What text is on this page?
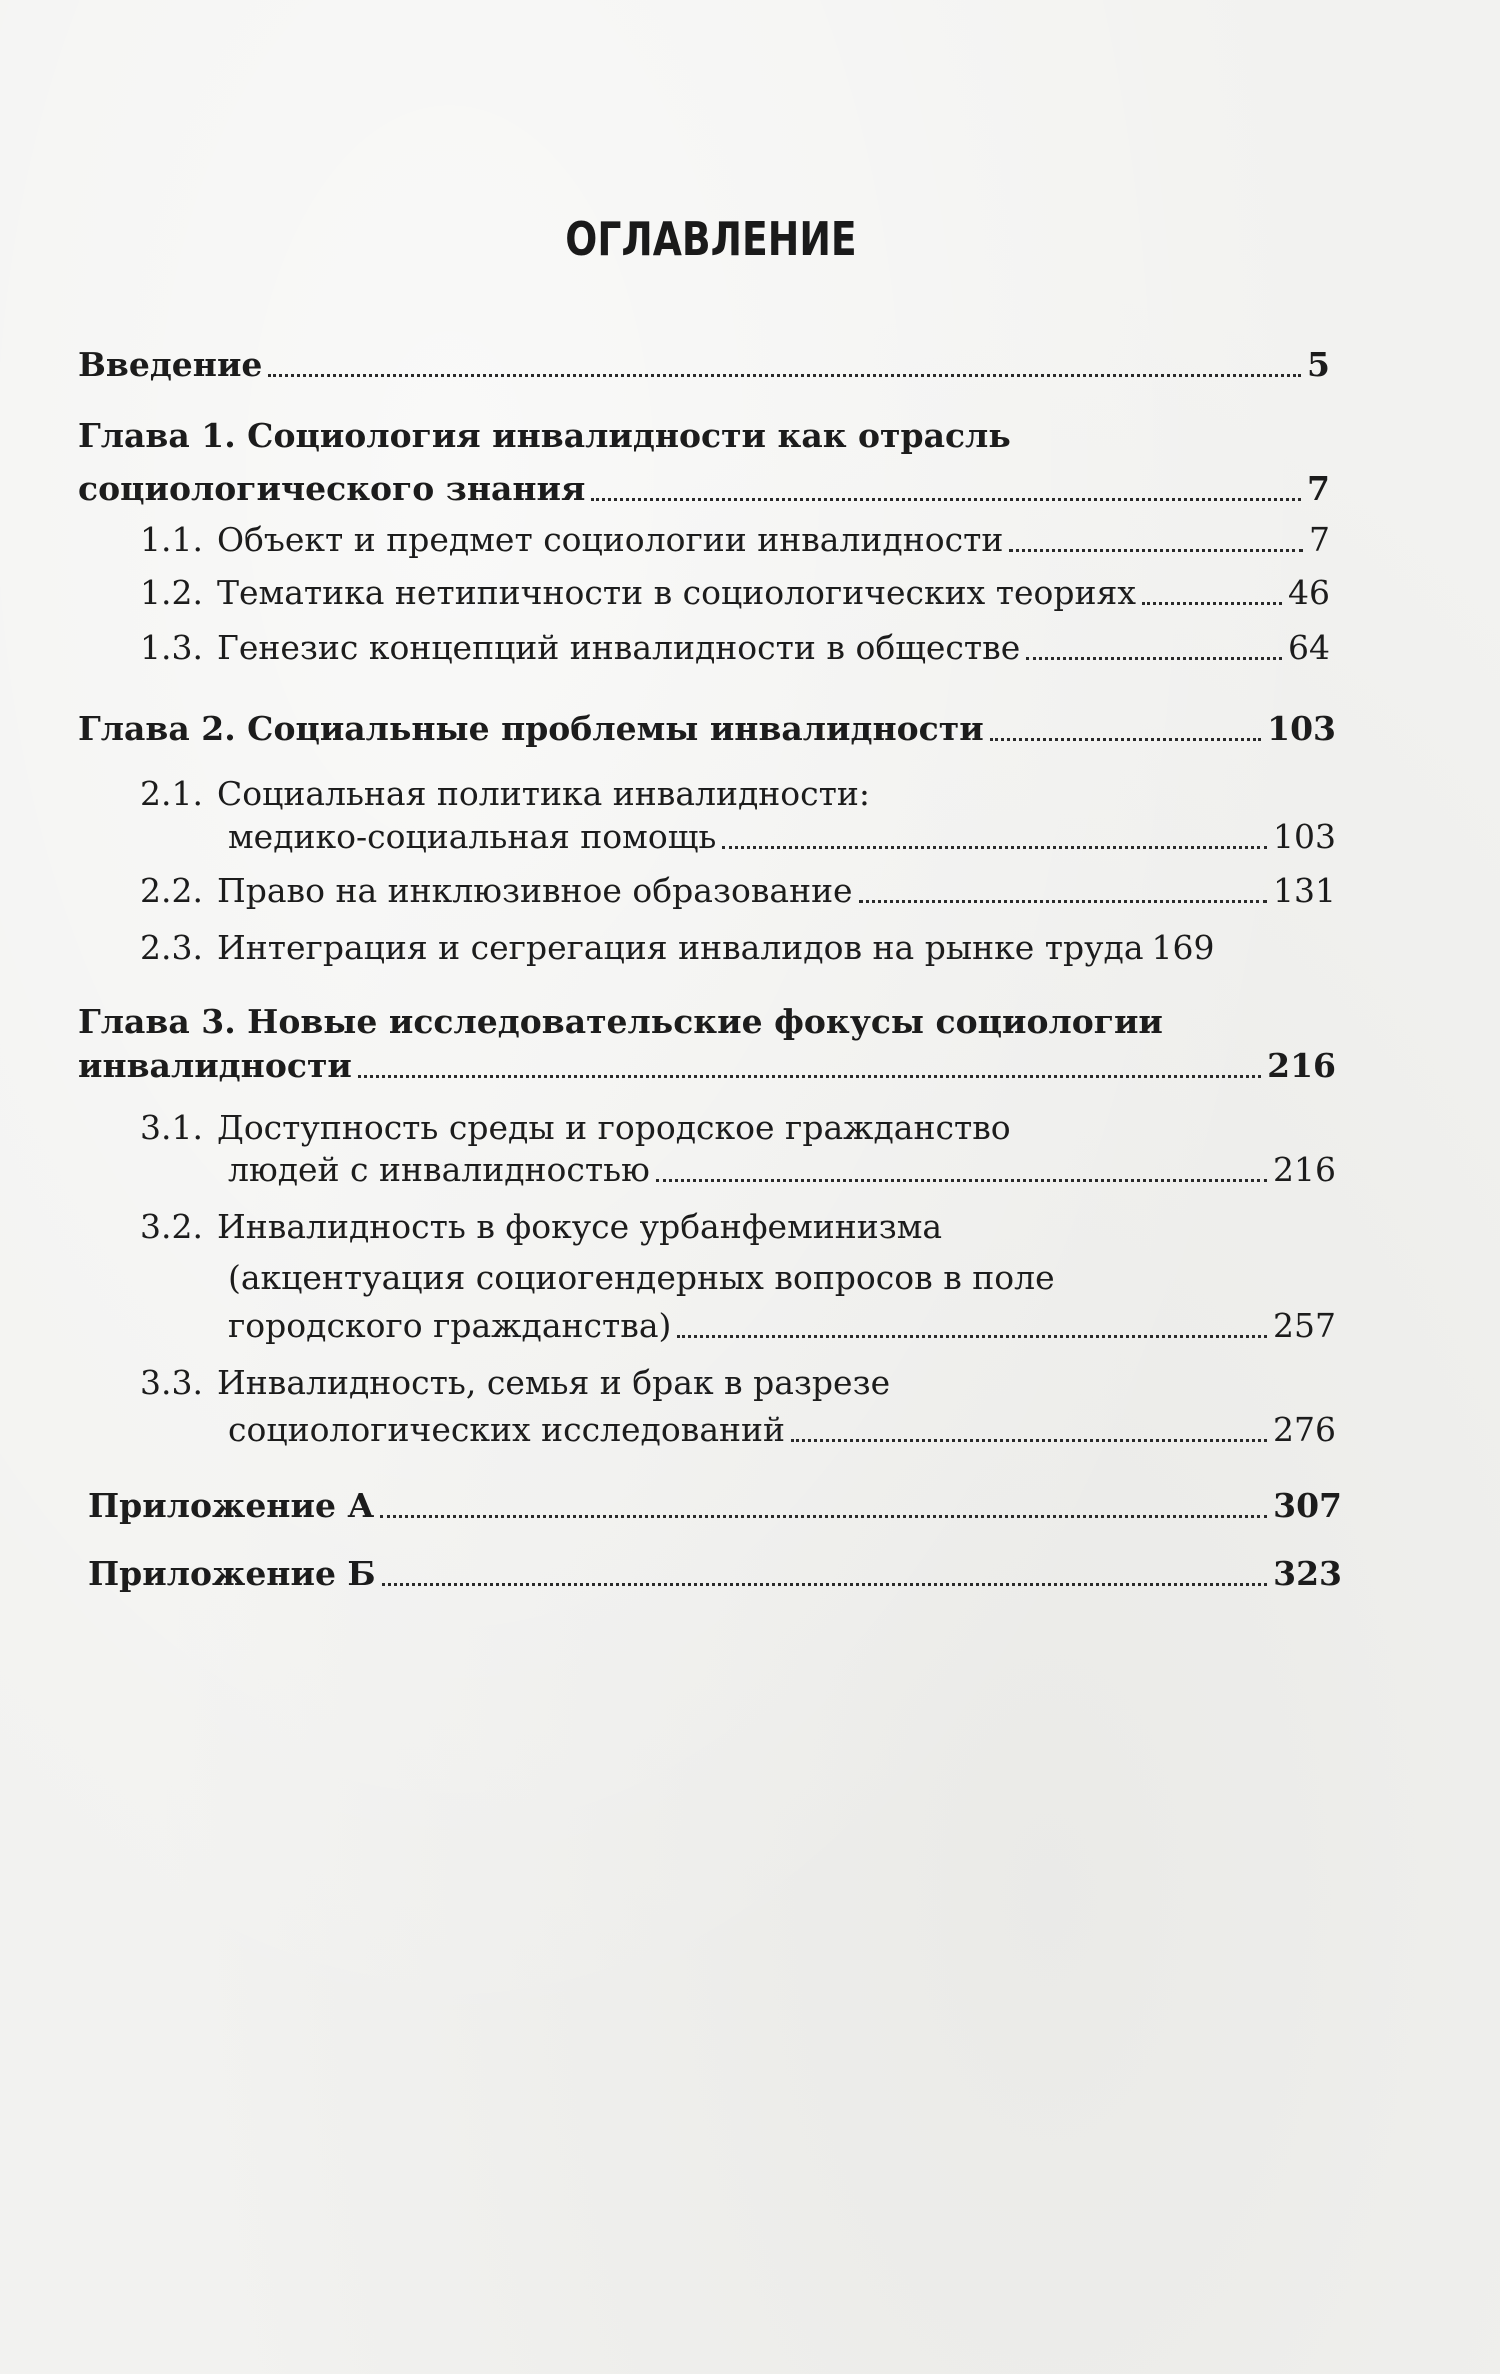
ОГЛАВЛЕНИЕ
Введение	5
Глава 1. Социология инвалидности как отрасль
социологического знания	7
1.1. Объект и предмет социологии инвалидности	7
1.2. Тематика нетипичности в социологических теориях	46
1.3. Генезис концепций инвалидности в обществе	64
Глава 2. Социальные проблемы инвалидности	103
2.1. Социальная политика инвалидности:
медико-социальная помощь	103
2.2. Право на инклюзивное образование	131
2.3. Интеграция и сегрегация инвалидов на рынке труда 169
Глава 3. Новые исследовательские фокусы социологии
инвалидности	216
3.1. Доступность среды и городское гражданство
людей с инвалидностью	216
3.2. Инвалидность в фокусе урбанфеминизма
(акцентуация социогендерных вопросов в поле
городского гражданства)	257
3.3. Инвалидность, семья и брак в разрезе
социологических исследований	276
Приложение А	307
Приложение Б	323
